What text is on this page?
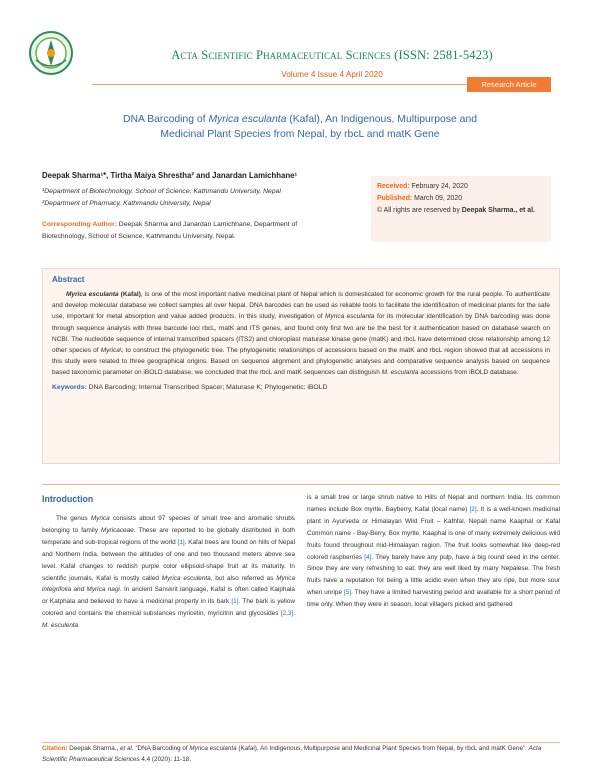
Acta Scientific Pharmaceutical Sciences (ISSN: 2581-5423)
Volume 4 Issue 4 April 2020
Research Article
DNA Barcoding of Myrica esculanta (Kafal), An Indigenous, Multipurpose and
Medicinal Plant Species from Nepal, by rbcL and matK Gene
Deepak Sharma¹*, Tirtha Maiya Shrestha² and Janardan Lamichhane¹
¹Department of Biotechnology, School of Science, Kathmandu University, Nepal
²Department of Pharmacy, Kathmandu University, Nepal
Corresponding Author: Deepak Sharma and Janardan Lamichhane, Department of Biotechnology, School of Science, Kathmandu University, Nepal.
Received: February 24, 2020
Published: March 09, 2020
© All rights are reserved by Deepak Sharma., et al.
Abstract

Myrica esculanta (Kafal), is one of the most important native medicinal plant of Nepal which is domesticated for economic growth for the rural people. To authenticate and develop molecular database we collect samples all over Nepal. DNA barcodes can be used as reliable tools to facilitate the identification of medicinal plants for the safe use, important for metal absorption and value added products. In this study, investigation of Myrica esculanta for its molecular identification by DNA barcoding was done through sequence analysis with three barcode loci rbcL, matK and ITS genes, and found only first two are be the best for it authentication based on database search on NCBI. The nucleotide sequence of internal transcribed spacers (ITS2) and chloroplast maturase kinase gene (matK) and rbcL have determined close relationship among 12 other species of Myrica\; to construct the phylogenetic tree. The phylogenetic relationships of accessions based on the matK and rbcL region showed that all accessions in this study were related to three geographical origins. Based on sequence alignment and phylogenetic analyses and comparative sequence analysis based on sequence based taxonomic parameter on iBOLD database, we concluded that the rbcL and matK sequences can distinguish M. esculanta accessions from iBOLD database.

Keywords: DNA Barcoding; Internal Transcribed Spacer; Maturase K; Phylogenetic; iBOLD
Introduction

The genus Myrica consists about 97 species of small tree and aromatic shrubs belonging to family Myricaceae. These are reported to be globally distributed in both temperate and sub-tropical regions of the world [1]. Kafal trees are found on hills of Nepal and Northern India, between the altitudes of one and two thousand meters above sea level. Kafal changes to reddish purple color ellipsoid-shape fruit at its maturity. In scientific journals, Kafal is mostly called Myrica esculenta, but also referred as Myrica integrifolia and Myrica nagi. In ancient Sanskrit language, Kafal is often called Kaiphala or Katphala and believed to have a medicinal property in its bark [1]. The bark is yellow colored and contains the chemical substances myricetin, myricitrin and glycosides [2,3]. M. esculenta

is a small tree or large shrub native to Hills of Nepal and northern India. Its common names include Box myrtle, Bayberry, Kafal (local name) [2]. It is a well-known medicinal plant in Ayurveda or Himalayan Wild Fruit – Kathfal. Nepali name Kaaphal or Kafal Common name - Bay-Berry, Box myrtle. Kaaphal is one of many extremely delicious wild fruits found throughout mid-Himalayan region. The fruit looks somewhat like deep-red colored raspberries [4]. They barely have any pulp, have a big round seed in the center. Since they are very refreshing to eat, they are well liked by many Nepalese. The fresh fruits have a reputation for being a little acidic even when they are ripe, but more sour when unripe [5]. They have a limited harvesting period and available for a short period of time only. When they were in season, local villagers picked and gathered
Citation: Deepak Sharma., et al. “DNA Barcoding of Myrica esculanta (Kafal), An Indigenous, Multipurpose and Medicinal Plant Species from Nepal, by rbcL and matK Gene”. Acta Scientific Pharmaceutical Sciences 4.4 (2020): 11-18.
